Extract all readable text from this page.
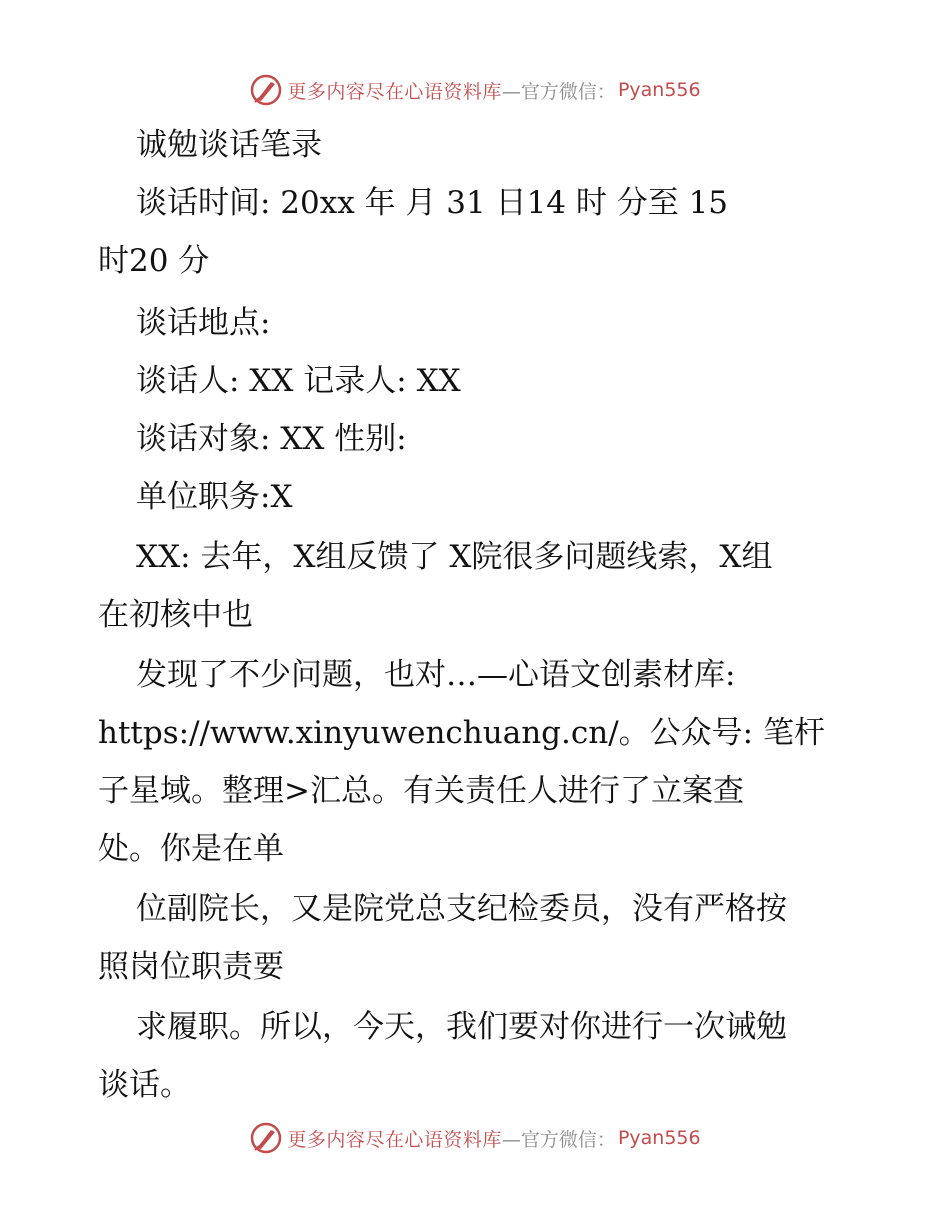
更多内容尽在心语资料库 —官方微信： Pyan556
诚勉谈话笔录
谈话时间: 20xx 年 月 31 日14 时 分至 15
时20 分
谈话地点:
谈话人: XX 记录人: XX
谈话对象: XX 性别:
单位职务:X
XX: 去年，X组反馈了 X院很多问题线索，X组
在初核中也
发现了不少问题，也对…—心语文创素材库:
https://www.xinyuwenchuang.cn/。公众号: 笔杆
子星域。整理>汇总。有关责任人进行了立案查
处。你是在单
位副院长，又是院党总支纪检委员，没有严格按
照岗位职责要
求履职。所以，今天，我们要对你进行一次诫勉
谈话。
更多内容尽在心语资料库 —官方微信： Pyan556
